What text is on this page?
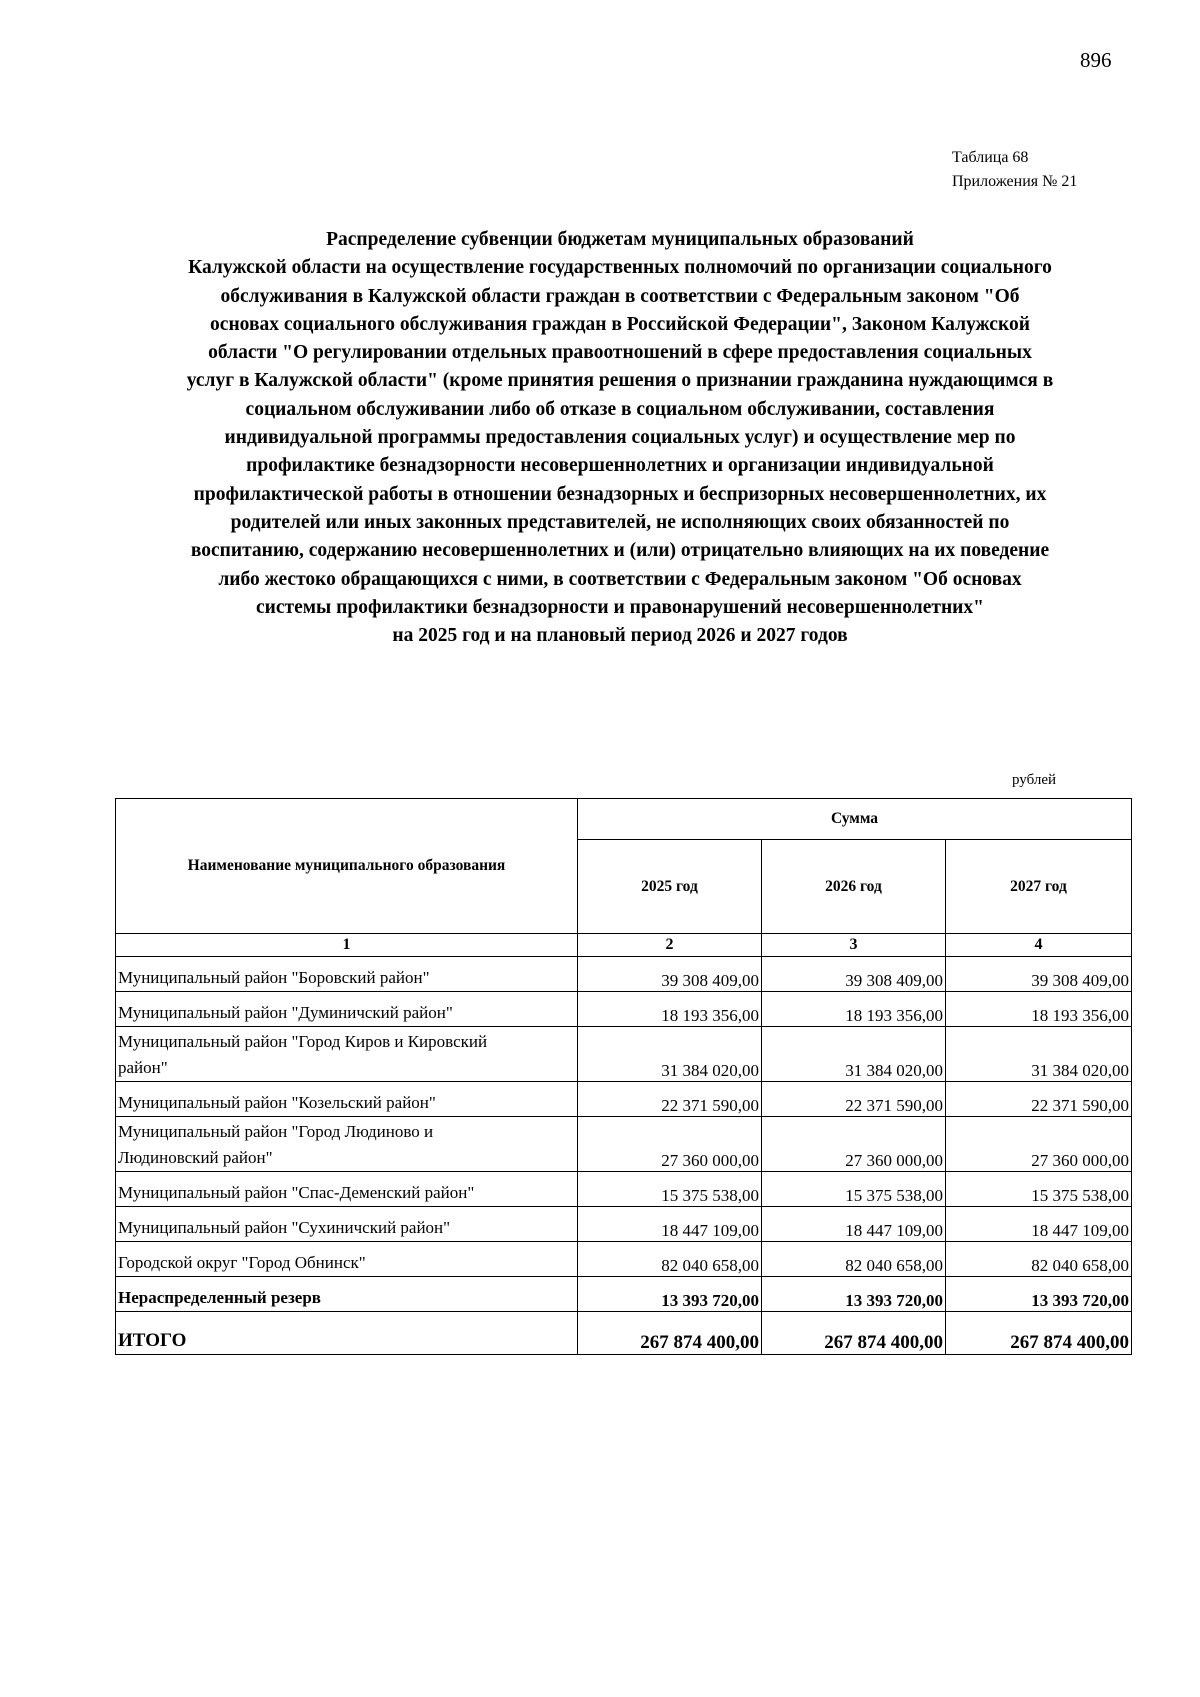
896
Таблица 68
Приложения № 21
Распределение субвенции бюджетам муниципальных образований
Калужской области на осуществление государственных полномочий по организации социального
обслуживания в Калужской области граждан в соответствии с Федеральным законом "Об
основах социального обслуживания граждан в Российской Федерации", Законом Калужской
области "О регулировании отдельных правоотношений в сфере предоставления социальных
услуг в Калужской области" (кроме принятия решения о признании гражданина нуждающимся в
социальном обслуживании либо об отказе в социальном обслуживании, составления
индивидуальной программы предоставления социальных услуг) и осуществление мер по
профилактике безнадзорности несовершеннолетних и организации индивидуальной
профилактической работы в отношении безнадзорных и беспризорных несовершеннолетних, их
родителей или иных законных представителей, не исполняющих своих обязанностей по
воспитанию, содержанию несовершеннолетних и (или) отрицательно влияющих на их поведение
либо жестоко обращающихся с ними, в соответствии с Федеральным законом "Об основах
системы профилактики безнадзорности и правонарушений несовершеннолетних"
на 2025 год и на плановый период 2026 и 2027 годов
рублей
Наименование муниципального образования	Сумма		
	2025 год	2026 год	2027 год
1	2	3	4
Муниципальный район "Боровский район"	39 308 409,00	39 308 409,00	39 308 409,00
Муниципальный район "Думиничский район"	18 193 356,00	18 193 356,00	18 193 356,00

Муниципальный район "Город Киров и Кировский
район"	31 384 020,00	31 384 020,00	31 384 020,00
Муниципальный район "Козельский район"	22 371 590,00	22 371 590,00	22 371 590,00

Муниципальный район "Город Людиново и
Людиновский район"	27 360 000,00	27 360 000,00	27 360 000,00
Муниципальный район "Спас-Деменский район"	15 375 538,00	15 375 538,00	15 375 538,00
Муниципальный район "Сухиничский район"	18 447 109,00	18 447 109,00	18 447 109,00
Городской округ "Город Обнинск"	82 040 658,00	82 040 658,00	82 040 658,00
Нераспределенный резерв	13 393 720,00	13 393 720,00	13 393 720,00
ИТОГО	267 874 400,00	267 874 400,00	267 874 400,00
